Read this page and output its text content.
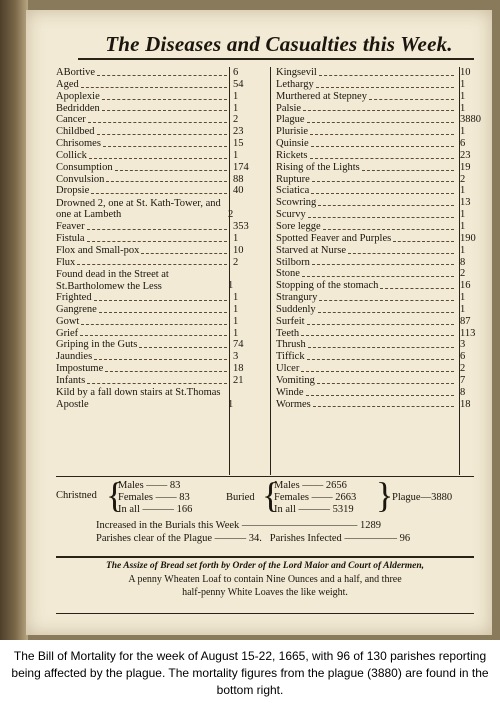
The Diseases and Casualties this Week.
ABortive	6
Aged	54
Apoplexie	1
Bedridden	1
Cancer	2
Childbed	23
Chrisomes	15
Collick	1
Consumption	174
Convulsion	88
Dropsie	40
Drowned 2, one at St. Kath-Tower, and one at Lambeth	2
Feaver	353
Fistula	1
Flox and Small-pox	10
Flux	2
Found dead in the Street at St.Bartholomew the Less	1
Frighted	1
Gangrene	1
Gowt	1
Grief	1
Griping in the Guts	74
Jaundies	3
Impostume	18
Infants	21
Kild by a fall down stairs at St.Thomas Apostle	1
Kingsevil	10
Lethargy	1
Murthered at Stepney	1
Palsie	1
Plague	3880
Plurisie	1
Quinsie	6
Rickets	23
Rising of the Lights	19
Rupture	2
Sciatica	1
Scowring	13
Scurvy	1
Sore legge	1
Spotted Feaver and Purples	190
Starved at Nurse	1
Stilborn	8
Stone	2
Stopping of the stomach	16
Strangury	1
Suddenly	1
Surfeit	87
Teeth	113
Thrush	3
Tiffick	6
Ulcer	2
Vomiting	7
Winde	8
Wormes	18
Christned {
Males —— 83
Females —— 83
In all ——— 166
Buried {
Males —— 2656
Females —— 2663
In all ——— 5319 }
Plague—3880
Increased in the Burials this Week ——————————— 1289
Parishes clear of the Plague ——— 34.   Parishes Infected ————— 96
The Assize of Bread set forth by Order of the Lord Maior and Court of Aldermen,
A penny Wheaten Loaf to contain Nine Ounces and a half, and three
half-penny White Loaves the like weight.
The Bill of Mortality for the week of August 15-22, 1665, with 96 of 130 parishes reporting being affected by the plague. The mortality figures from the plague (3880) are found in the bottom right.
